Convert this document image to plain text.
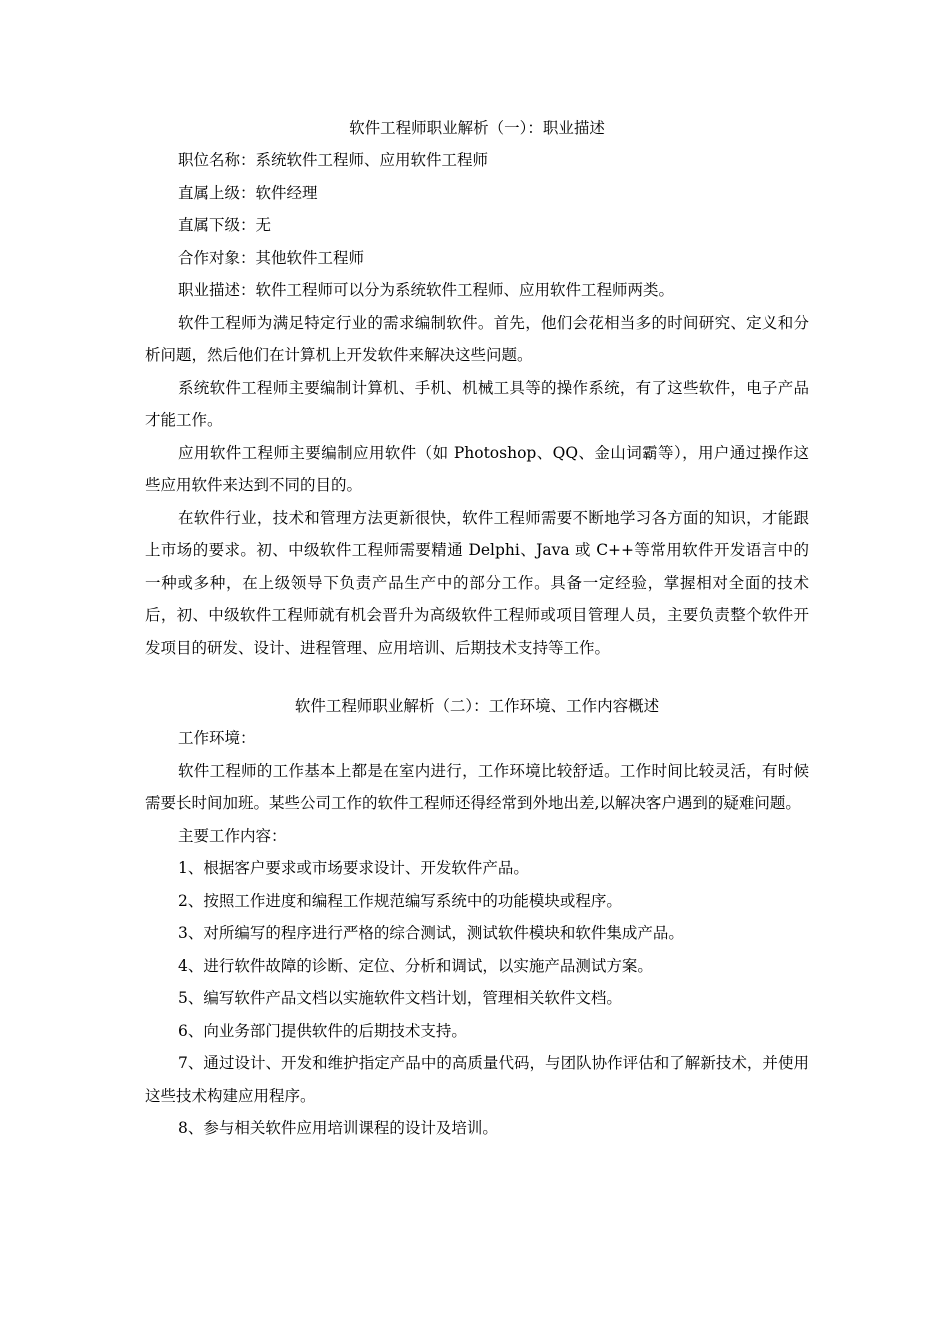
软件工程师职业解析（一）：职业描述

职位名称：系统软件工程师、应用软件工程师

直属上级：软件经理

直属下级：无

合作对象：其他软件工程师

职业描述：软件工程师可以分为系统软件工程师、应用软件工程师两类。

软件工程师为满足特定行业的需求编制软件。首先，他们会花相当多的时间研究、定义和分析问题，然后他们在计算机上开发软件来解决这些问题。

系统软件工程师主要编制计算机、手机、机械工具等的操作系统，有了这些软件，电子产品才能工作。

应用软件工程师主要编制应用软件（如 Photoshop、QQ、金山词霸等），用户通过操作这些应用软件来达到不同的目的。

在软件行业，技术和管理方法更新很快，软件工程师需要不断地学习各方面的知识，才能跟上市场的要求。初、中级软件工程师需要精通 Delphi、Java 或 C++等常用软件开发语言中的一种或多种，在上级领导下负责产品生产中的部分工作。具备一定经验，掌握相对全面的技术后，初、中级软件工程师就有机会晋升为高级软件工程师或项目管理人员，主要负责整个软件开发项目的研发、设计、进程管理、应用培训、后期技术支持等工作。

软件工程师职业解析（二）：工作环境、工作内容概述

工作环境：

软件工程师的工作基本上都是在室内进行，工作环境比较舒适。工作时间比较灵活，有时候需要长时间加班。某些公司工作的软件工程师还得经常到外地出差,以解决客户遇到的疑难问题。

主要工作内容：

1、根据客户要求或市场要求设计、开发软件产品。

2、按照工作进度和编程工作规范编写系统中的功能模块或程序。

3、对所编写的程序进行严格的综合测试，测试软件模块和软件集成产品。

4、进行软件故障的诊断、定位、分析和调试，以实施产品测试方案。

5、编写软件产品文档以实施软件文档计划，管理相关软件文档。

6、向业务部门提供软件的后期技术支持。

7、通过设计、开发和维护指定产品中的高质量代码，与团队协作评估和了解新技术，并使用这些技术构建应用程序。

8、参与相关软件应用培训课程的设计及培训。
